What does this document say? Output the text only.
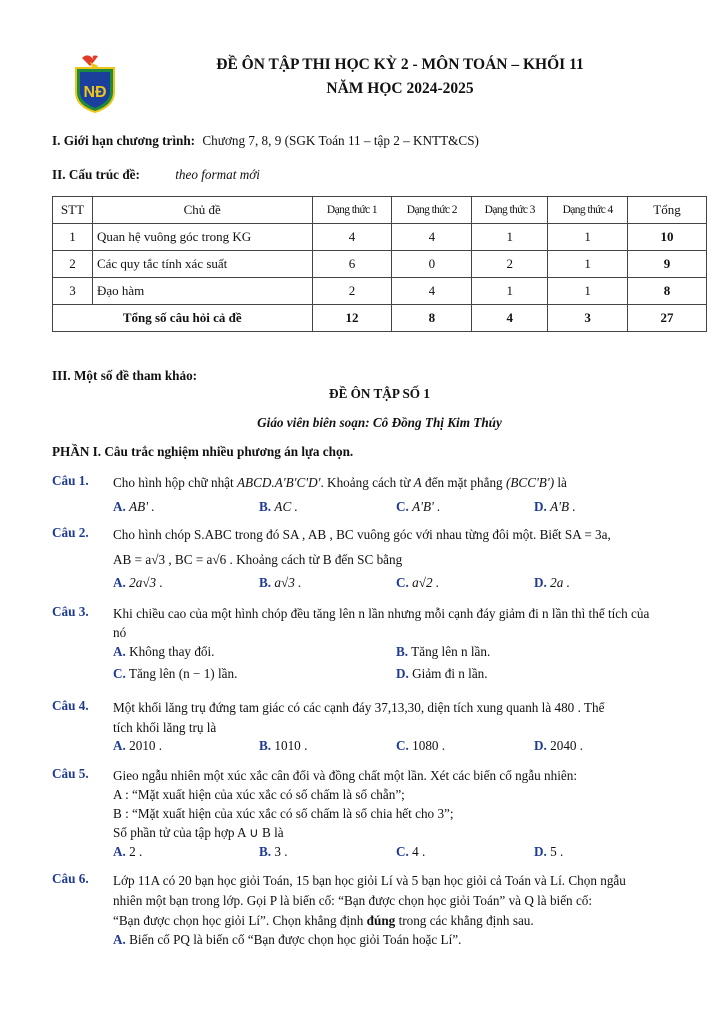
NĐ
ĐỀ ÔN TẬP THI HỌC KỲ 2 - MÔN TOÁN – KHỐI 11
NĂM HỌC 2024-2025
I. Giới hạn chương trình: Chương 7, 8, 9 (SGK Toán 11 – tập 2 – KNTT&CS)
II. Cấu trúc đề:	theo format mới
STT	Chủ đề	Dạng thức 1	Dạng thức 2	Dạng thức 3	Dạng thức 4	Tổng
1	Quan hệ vuông góc trong KG	4	4	1	1	10
2	Các quy tắc tính xác suất	6	0	2	1	9
3	Đạo hàm	2	4	1	1	8
Tổng số câu hỏi cả đề		12	8	4	3	27
III. Một số đề tham khảo:
ĐỀ ÔN TẬP SỐ 1
Giáo viên biên soạn: Cô Đồng Thị Kim Thúy
PHẦN I. Câu trắc nghiệm nhiều phương án lựa chọn.
Câu 1.	Cho hình hộp chữ nhật ABCD.A'B'C'D'. Khoảng cách từ A đến mặt phẳng (BCC'B') là
A. AB' .	B. AC .	C. A'B' .	D. A'B .
Câu 2.	Cho hình chóp S.ABC trong đó SA , AB , BC vuông góc với nhau từng đôi một. Biết SA = 3a,
AB = a√3 , BC = a√6 . Khoảng cách từ B đến SC bằng
A. 2a√3 .	B. a√3 .	C. a√2 .	D. 2a .
Câu 3.	Khi chiều cao của một hình chóp đều tăng lên n lần nhưng mỗi cạnh đáy giảm đi n lần thì thể tích của
nó
A. Không thay đổi.	B. Tăng lên n lần.
C. Tăng lên (n − 1) lần.	D. Giảm đi n lần.
Câu 4.	Một khối lăng trụ đứng tam giác có các cạnh đáy 37,13,30, diện tích xung quanh là 480 . Thể
tích khối lăng trụ là
A. 2010 .	B. 1010 .	C. 1080 .	D. 2040 .
Câu 5.	Gieo ngẫu nhiên một xúc xắc cân đối và đồng chất một lần. Xét các biến cố ngẫu nhiên:
A : “Mặt xuất hiện của xúc xắc có số chấm là số chẵn”;
B : “Mặt xuất hiện của xúc xắc có số chấm là số chia hết cho 3”;
Số phần tử của tập hợp A ∪ B là
A. 2 .	B. 3 .	C. 4 .	D. 5 .
Câu 6.	Lớp 11A có 20 bạn học giỏi Toán, 15 bạn học giỏi Lí và 5 bạn học giỏi cả Toán và Lí. Chọn ngẫu
nhiên một bạn trong lớp. Gọi P là biến cố: “Bạn được chọn học giỏi Toán” và Q là biến cố:
“Bạn được chọn học giỏi Lí”. Chọn khẳng định đúng trong các khẳng định sau.
A. Biến cố PQ là biến cố “Bạn được chọn học giỏi Toán hoặc Lí”.
